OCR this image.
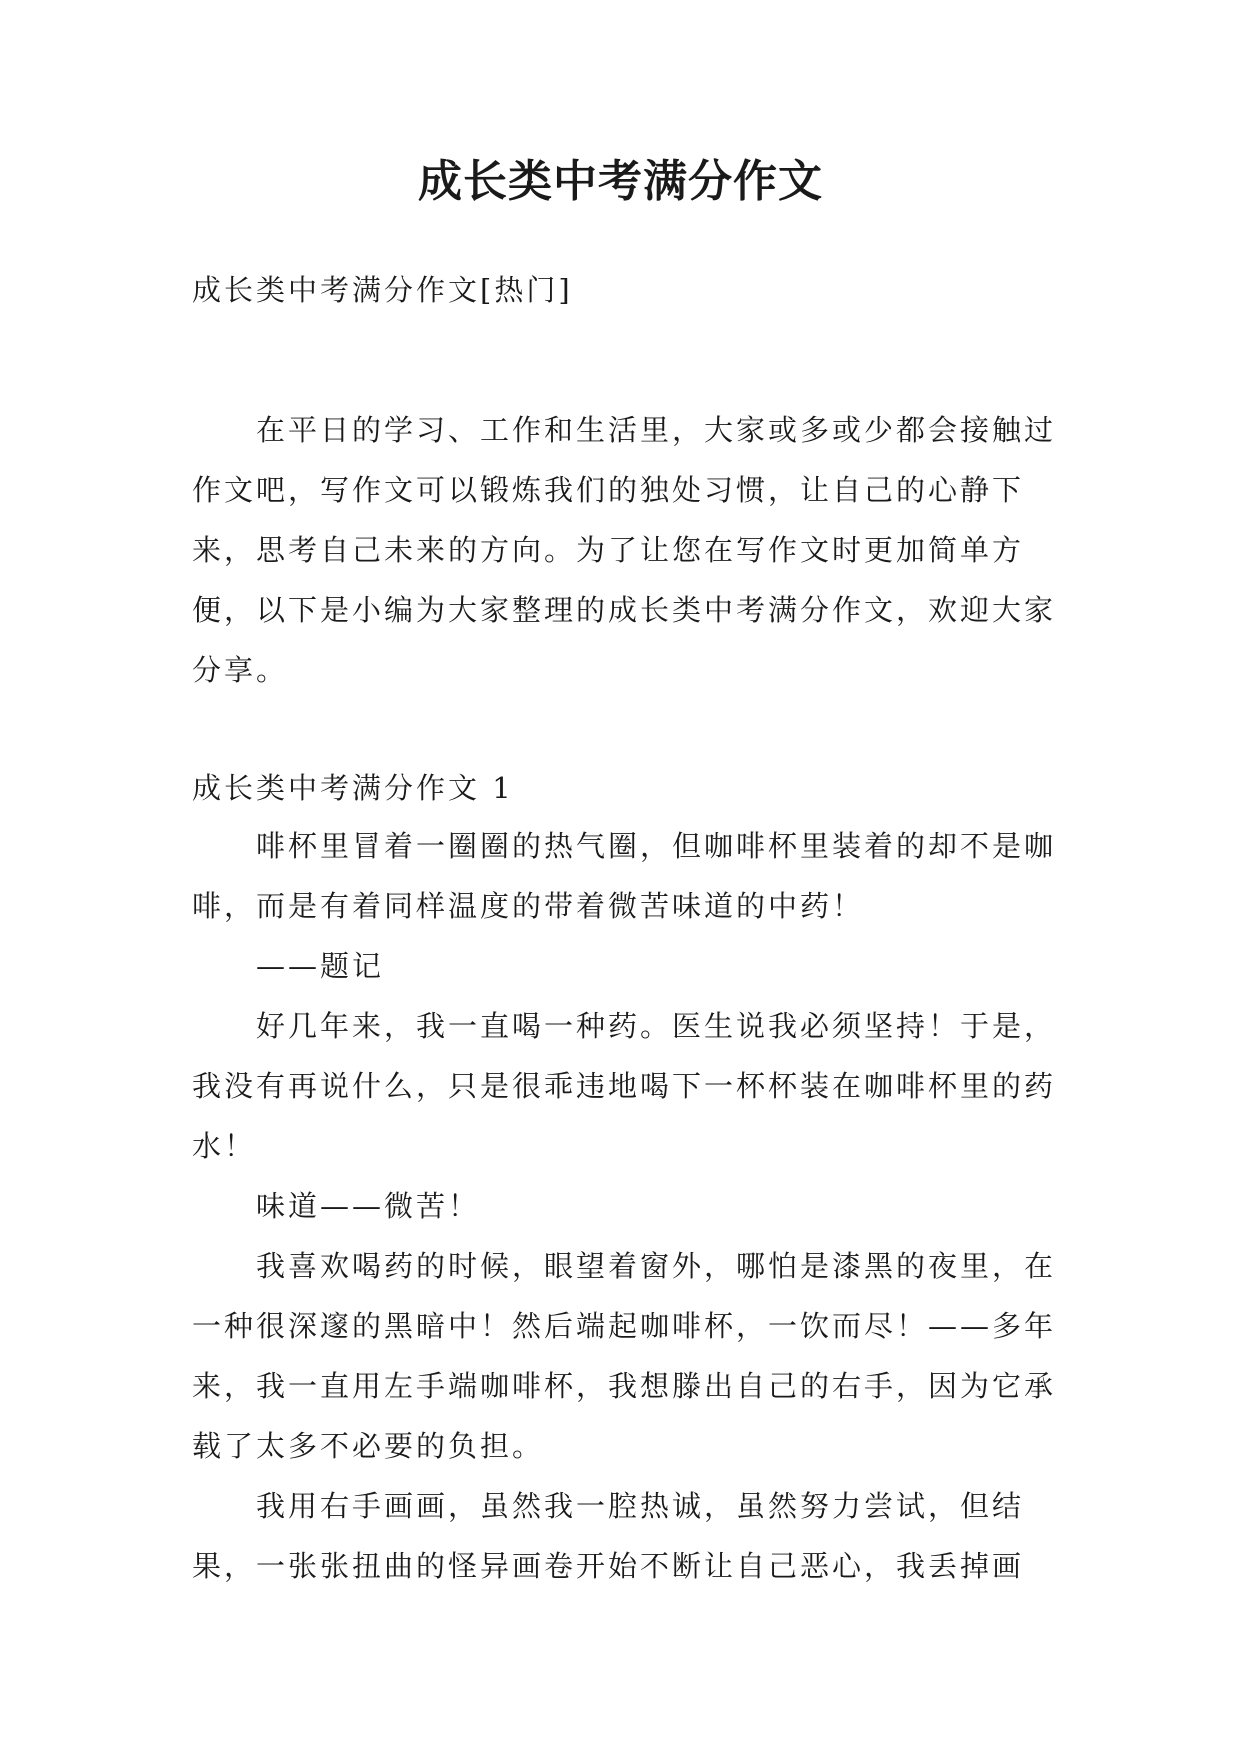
成长类中考满分作文

成长类中考满分作文[热门]

在平日的学习、工作和生活里，大家或多或少都会接触过作文吧，写作文可以锻炼我们的独处习惯，让自己的心静下来，思考自己未来的方向。为了让您在写作文时更加简单方便，以下是小编为大家整理的成长类中考满分作文，欢迎大家分享。

成长类中考满分作文 1

啡杯里冒着一圈圈的热气圈，但咖啡杯里装着的却不是咖啡，而是有着同样温度的带着微苦味道的中药！

——题记

好几年来，我一直喝一种药。医生说我必须坚持！于是，我没有再说什么，只是很乖违地喝下一杯杯装在咖啡杯里的药水！

味道——微苦！

我喜欢喝药的时候，眼望着窗外，哪怕是漆黑的夜里，在一种很深邃的黑暗中！然后端起咖啡杯，一饮而尽！——多年来，我一直用左手端咖啡杯，我想滕出自己的右手，因为它承载了太多不必要的负担。

我用右手画画，虽然我一腔热诚，虽然努力尝试，但结果，一张张扭曲的怪异画卷开始不断让自己恶心，我丢掉画
